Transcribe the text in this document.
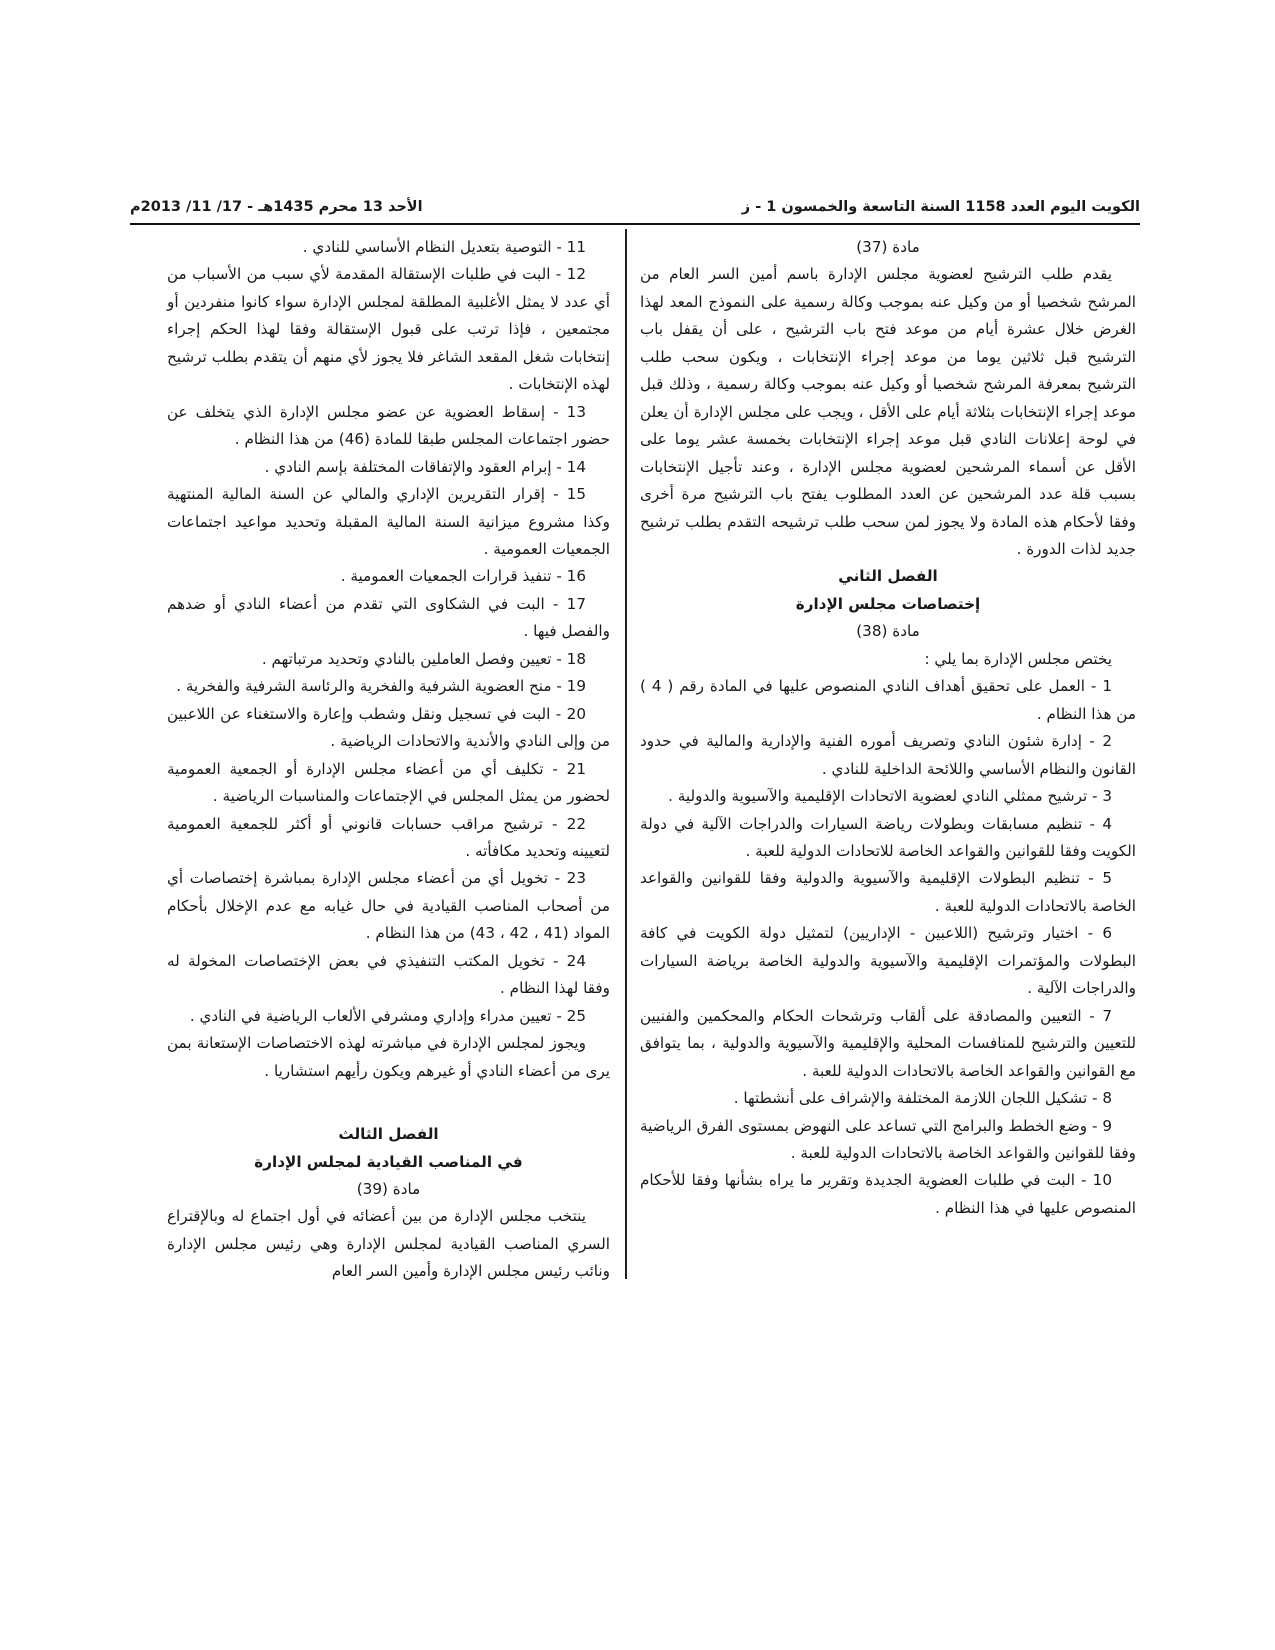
الكويت اليوم العدد 1158 السنة التاسعة والخمسون 1 - ز
الأحد 13 محرم 1435هـ - 17/ 11/ 2013م

مادة (37)

يقدم طلب الترشيح لعضوية مجلس الإدارة باسم أمين السر العام من المرشح شخصيا أو من وكيل عنه بموجب وكالة رسمية على النموذج المعد لهذا الغرض خلال عشرة أيام من موعد فتح باب الترشيح ، على أن يقفل باب الترشيح قبل ثلاثين يوما من موعد إجراء الإنتخابات ، ويكون سحب طلب الترشيح بمعرفة المرشح شخصيا أو وكيل عنه بموجب وكالة رسمية ، وذلك قبل موعد إجراء الإنتخابات بثلاثة أيام على الأقل ، ويجب على مجلس الإدارة أن يعلن في لوحة إعلانات النادي قبل موعد إجراء الإنتخابات بخمسة عشر يوما على الأقل عن أسماء المرشحين لعضوية مجلس الإدارة ، وعند تأجيل الإنتخابات بسبب قلة عدد المرشحين عن العدد المطلوب يفتح باب الترشيح مرة أخرى وفقا لأحكام هذه المادة ولا يجوز لمن سحب طلب ترشيحه التقدم بطلب ترشيح جديد لذات الدورة .

الفصل الثاني

إختصاصات مجلس الإدارة

مادة (38)

يختص مجلس الإدارة بما يلي :

1 - العمل على تحقيق أهداف النادي المنصوص عليها في المادة رقم ( 4 ) من هذا النظام .

2 - إدارة شئون النادي وتصريف أموره الفنية والإدارية والمالية في حدود القانون والنظام الأساسي واللائحة الداخلية للنادي .

3 - ترشيح ممثلي النادي لعضوية الاتحادات الإقليمية والآسيوية والدولية .

4 - تنظيم مسابقات وبطولات رياضة السيارات والدراجات الآلية في دولة الكويت وفقا للقوانين والقواعد الخاصة للاتحادات الدولية للعبة .

5 - تنظيم البطولات الإقليمية والآسيوية والدولية وفقا للقوانين والقواعد الخاصة بالاتحادات الدولية للعبة .

6 - اختيار وترشيح (اللاعبين - الإداريين) لتمثيل دولة الكويت في كافة البطولات والمؤتمرات الإقليمية والآسيوية والدولية الخاصة برياضة السيارات والدراجات الآلية .

7 - التعيين والمصادقة على ألقاب وترشحات الحكام والمحكمين والفنيين للتعيين والترشيح للمنافسات المحلية والإقليمية والآسيوية والدولية ، بما يتوافق مع القوانين والقواعد الخاصة بالاتحادات الدولية للعبة .

8 - تشكيل اللجان اللازمة المختلفة والإشراف على أنشطتها .

9 - وضع الخطط والبرامج التي تساعد على النهوض بمستوى الفرق الرياضية وفقا للقوانين والقواعد الخاصة بالاتحادات الدولية للعبة .

10 - البت في طلبات العضوية الجديدة وتقرير ما يراه بشأنها وفقا للأحكام المنصوص عليها في هذا النظام .

11 - التوصية بتعديل النظام الأساسي للنادي .

12 - البت في طلبات الإستقالة المقدمة لأي سبب من الأسباب من أي عدد لا يمثل الأغلبية المطلقة لمجلس الإدارة سواء كانوا منفردين أو مجتمعين ، فإذا ترتب على قبول الإستقالة وفقا لهذا الحكم إجراء إنتخابات شغل المقعد الشاغر فلا يجوز لأي منهم أن يتقدم بطلب ترشيح لهذه الإنتخابات .

13 - إسقاط العضوية عن عضو مجلس الإدارة الذي يتخلف عن حضور اجتماعات المجلس طبقا للمادة (46) من هذا النظام .

14 - إبرام العقود والإتفاقات المختلفة بإسم النادي .

15 - إقرار التقريرين الإداري والمالي عن السنة المالية المنتهية وكذا مشروع ميزانية السنة المالية المقبلة وتحديد مواعيد اجتماعات الجمعيات العمومية .

16 - تنفيذ قرارات الجمعيات العمومية .

17 - البت في الشكاوى التي تقدم من أعضاء النادي أو ضدهم والفصل فيها .

18 - تعيين وفصل العاملين بالنادي وتحديد مرتباتهم .

19 - منح العضوية الشرفية والفخرية والرئاسة الشرفية والفخرية .

20 - البت في تسجيل ونقل وشطب وإعارة والاستغناء عن اللاعبين من وإلى النادي والأندية والاتحادات الرياضية .

21 - تكليف أي من أعضاء مجلس الإدارة أو الجمعية العمومية لحضور من يمثل المجلس في الإجتماعات والمناسبات الرياضية .

22 - ترشيح مراقب حسابات قانوني أو أكثر للجمعية العمومية لتعيينه وتحديد مكافأته .

23 - تخويل أي من أعضاء مجلس الإدارة بمباشرة إختصاصات أي من أصحاب المناصب القيادية في حال غيابه مع عدم الإخلال بأحكام المواد (41 ، 42 ، 43) من هذا النظام .

24 - تخويل المكتب التنفيذي في بعض الإختصاصات المخولة له وفقا لهذا النظام .

25 - تعيين مدراء وإداري ومشرفي الألعاب الرياضية في النادي .

ويجوز لمجلس الإدارة في مباشرته لهذه الاختصاصات الإستعانة بمن يرى من أعضاء النادي أو غيرهم ويكون رأيهم استشاريا .

الفصل الثالث

في المناصب القيادية لمجلس الإدارة

مادة (39)

ينتخب مجلس الإدارة من بين أعضائه في أول اجتماع له وبالإقتراع السري المناصب القيادية لمجلس الإدارة وهي رئيس مجلس الإدارة ونائب رئيس مجلس الإدارة وأمين السر العام
